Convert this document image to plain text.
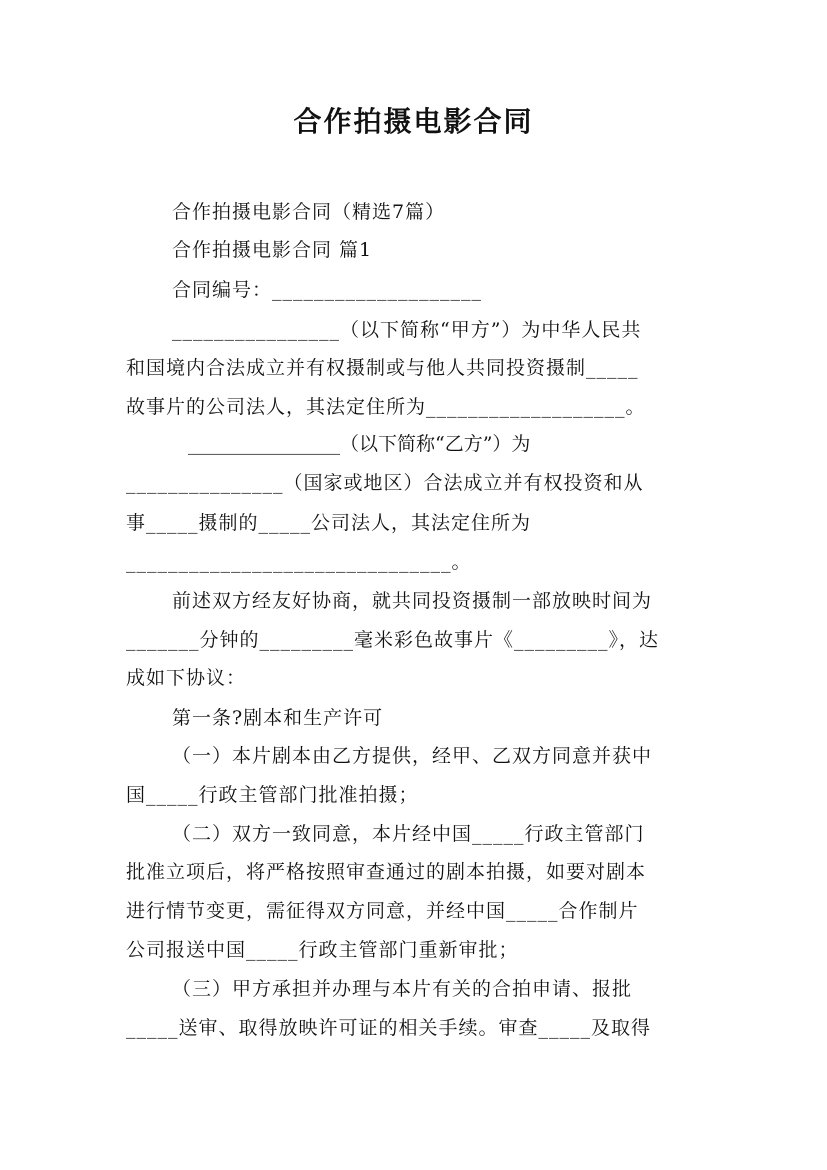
合作拍摄电影合同
合作拍摄电影合同（精选7篇）
合作拍摄电影合同 篇1
合同编号：____________________
________________（以下简称“甲方”）为中华人民共
和国境内合法成立并有权摄制或与他人共同投资摄制_____
故事片的公司法人，其法定住所为___________________。
________________（以下简称“乙方”）为
_______________（国家或地区）合法成立并有权投资和从
事_____摄制的_____公司法人，其法定住所为
_______________________________。
前述双方经友好协商，就共同投资摄制一部放映时间为
_______分钟的_________毫米彩色故事片《_________》，达
成如下协议：
第一条?剧本和生产许可
（一）本片剧本由乙方提供，经甲、乙双方同意并获中
国_____行政主管部门批准拍摄；
（二）双方一致同意，本片经中国_____行政主管部门
批准立项后，将严格按照审查通过的剧本拍摄，如要对剧本
进行情节变更，需征得双方同意，并经中国_____合作制片
公司报送中国_____行政主管部门重新审批；
（三）甲方承担并办理与本片有关的合拍申请、报批
_____送审、取得放映许可证的相关手续。审查_____及取得
